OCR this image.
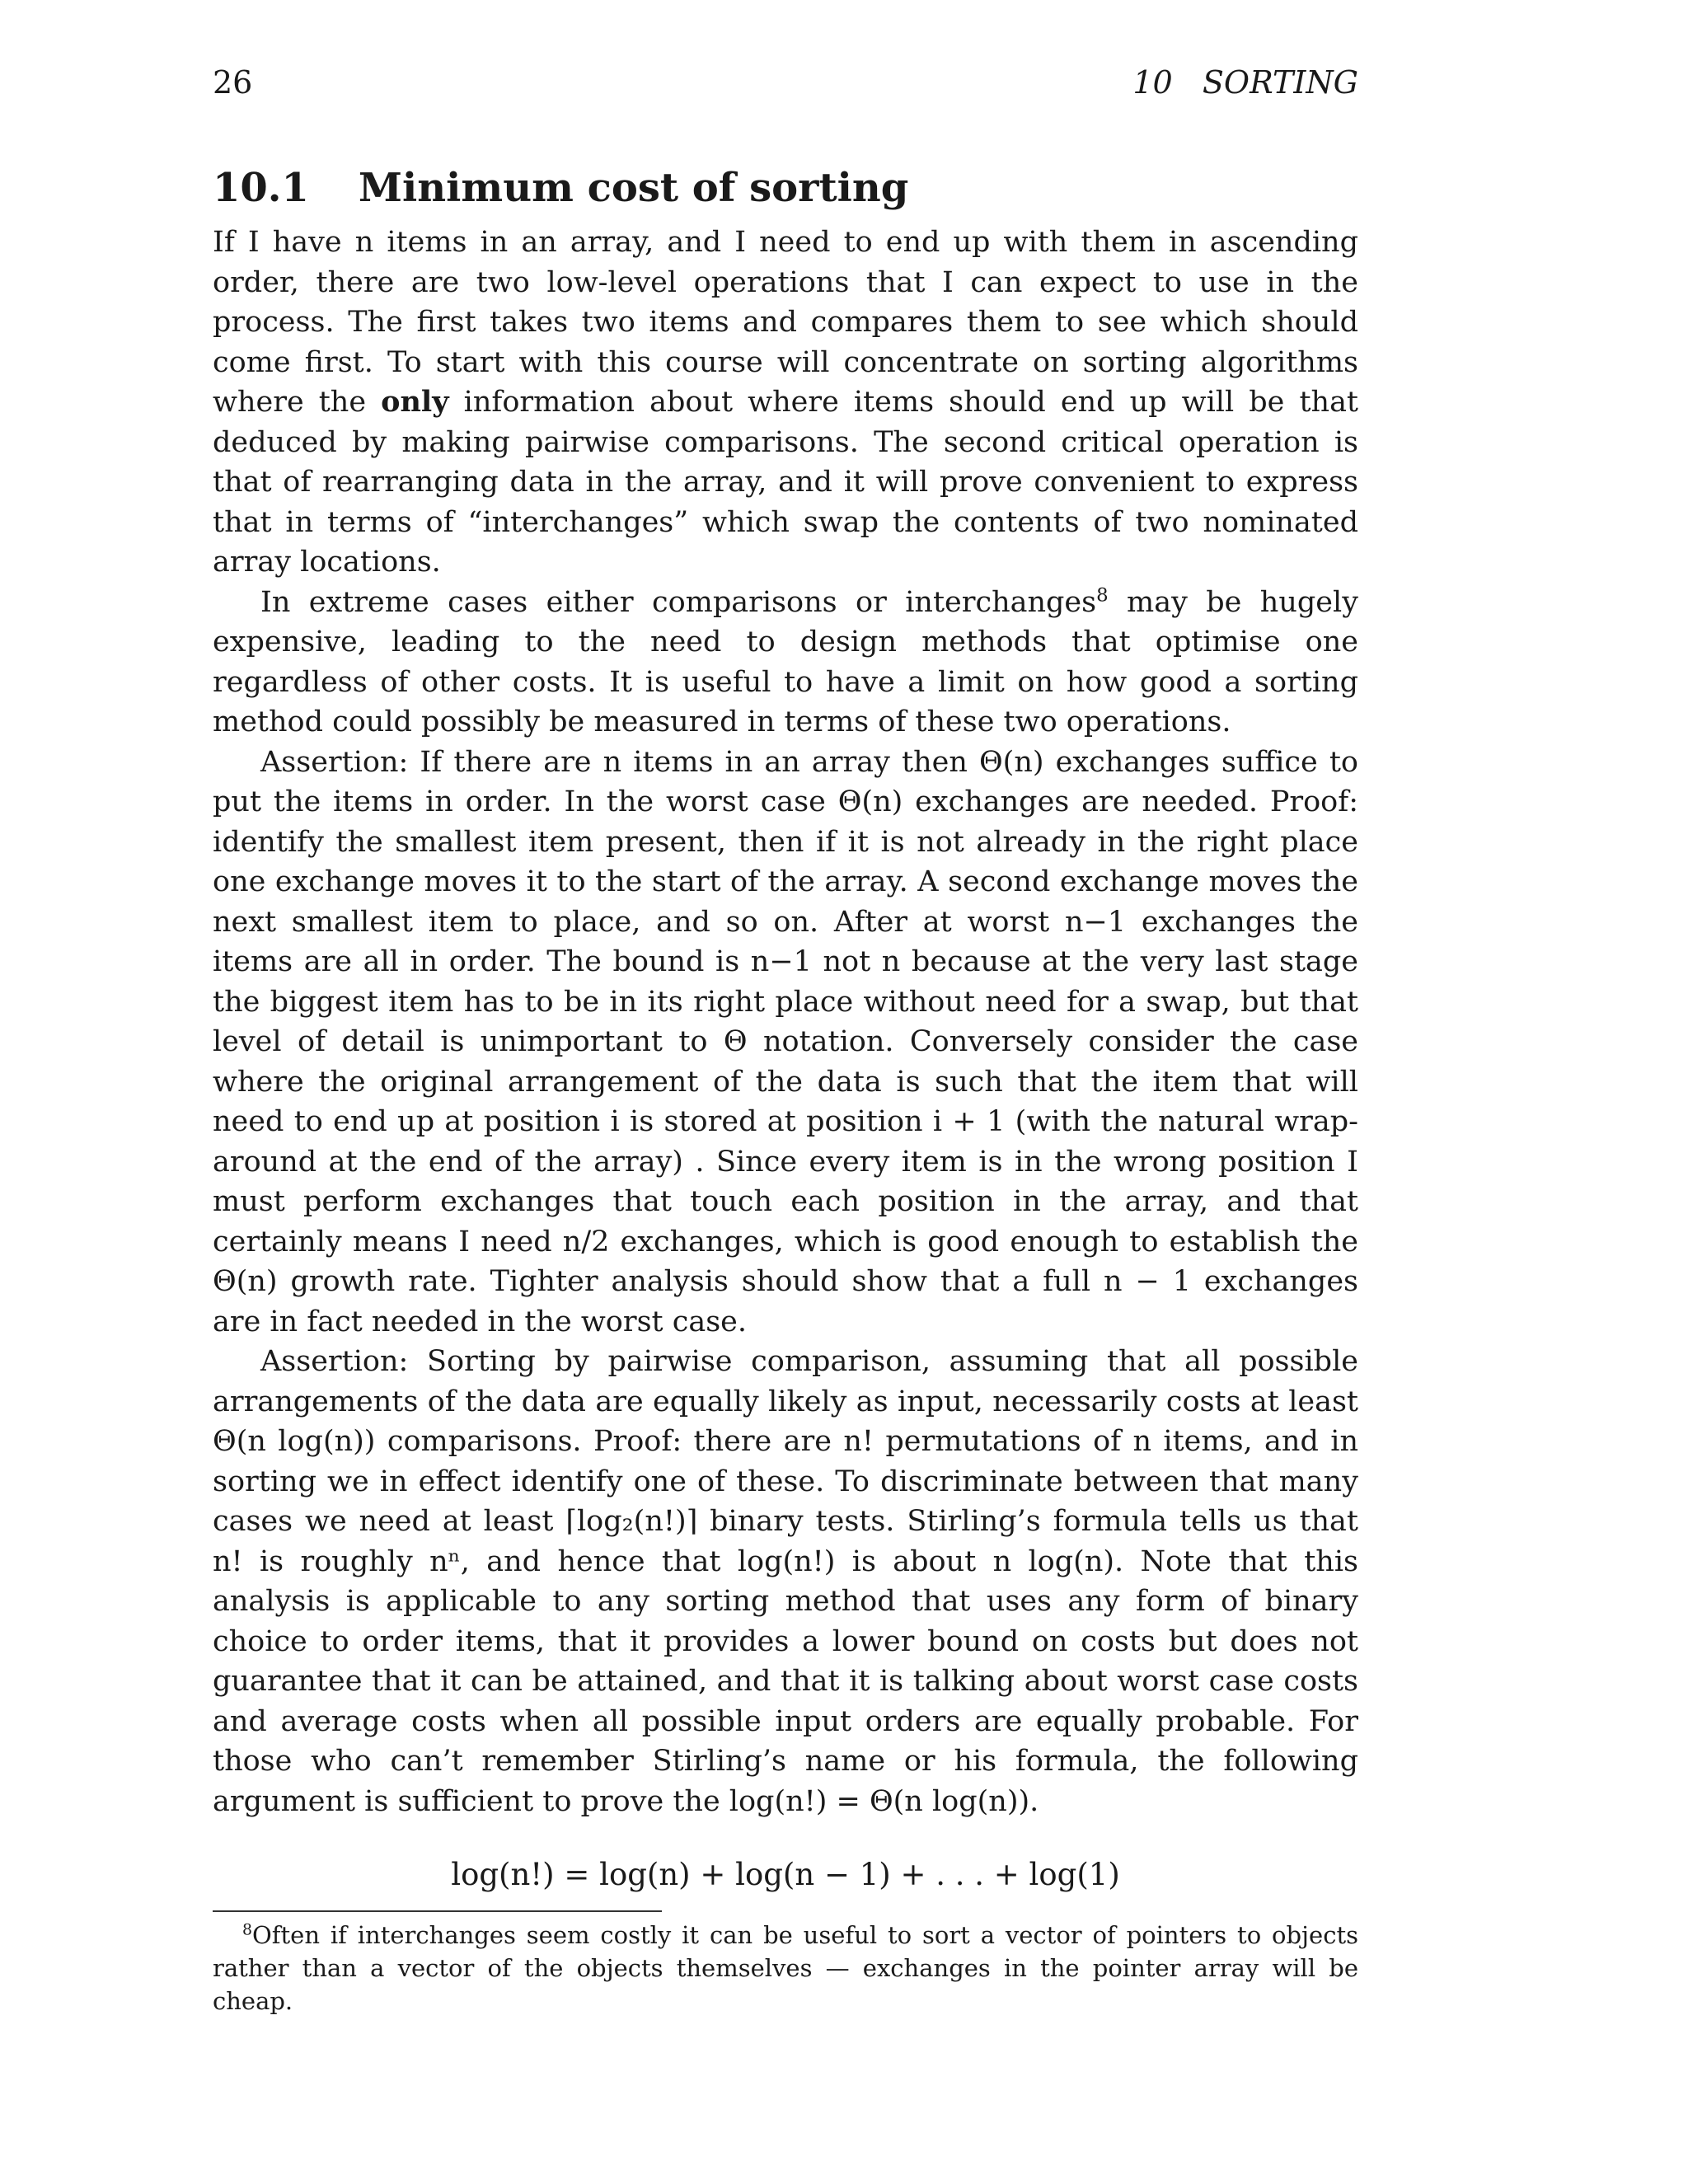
26	10   SORTING
10.1 Minimum cost of sorting

If I have n items in an array, and I need to end up with them in ascending order, there are two low-level operations that I can expect to use in the process. The first takes two items and compares them to see which should come first. To start with this course will concentrate on sorting algorithms where the only information about where items should end up will be that deduced by making pairwise comparisons. The second critical operation is that of rearranging data in the array, and it will prove convenient to express that in terms of “interchanges” which swap the contents of two nominated array locations.

In extreme cases either comparisons or interchanges$^8$ may be hugely expensive, leading to the need to design methods that optimise one regardless of other costs. It is useful to have a limit on how good a sorting method could possibly be measured in terms of these two operations.

Assertion: If there are n items in an array then Θ(n) exchanges suffice to put the items in order. In the worst case Θ(n) exchanges are needed. Proof: identify the smallest item present, then if it is not already in the right place one exchange moves it to the start of the array. A second exchange moves the next smallest item to place, and so on. After at worst n−1 exchanges the items are all in order. The bound is n−1 not n because at the very last stage the biggest item has to be in its right place without need for a swap, but that level of detail is unimportant to Θ notation. Conversely consider the case where the original arrangement of the data is such that the item that will need to end up at position i is stored at position i + 1 (with the natural wrap-around at the end of the array) . Since every item is in the wrong position I must perform exchanges that touch each position in the array, and that certainly means I need n/2 exchanges, which is good enough to establish the Θ(n) growth rate. Tighter analysis should show that a full n − 1 exchanges are in fact needed in the worst case.

Assertion: Sorting by pairwise comparison, assuming that all possible arrangements of the data are equally likely as input, necessarily costs at least Θ(n log(n)) comparisons. Proof: there are n! permutations of n items, and in sorting we in effect identify one of these. To discriminate between that many cases we need at least ⌈log₂(n!)⌉ binary tests. Stirling’s formula tells us that n! is roughly nⁿ, and hence that log(n!) is about n log(n). Note that this analysis is applicable to any sorting method that uses any form of binary choice to order items, that it provides a lower bound on costs but does not guarantee that it can be attained, and that it is talking about worst case costs and average costs when all possible input orders are equally probable. For those who can’t remember Stirling’s name or his formula, the following argument is sufficient to prove the log(n!) = Θ(n log(n)).

log(n!) = log(n) + log(n − 1) + . . . + log(1)
$^8$Often if interchanges seem costly it can be useful to sort a vector of pointers to objects rather than a vector of the objects themselves — exchanges in the pointer array will be cheap.
